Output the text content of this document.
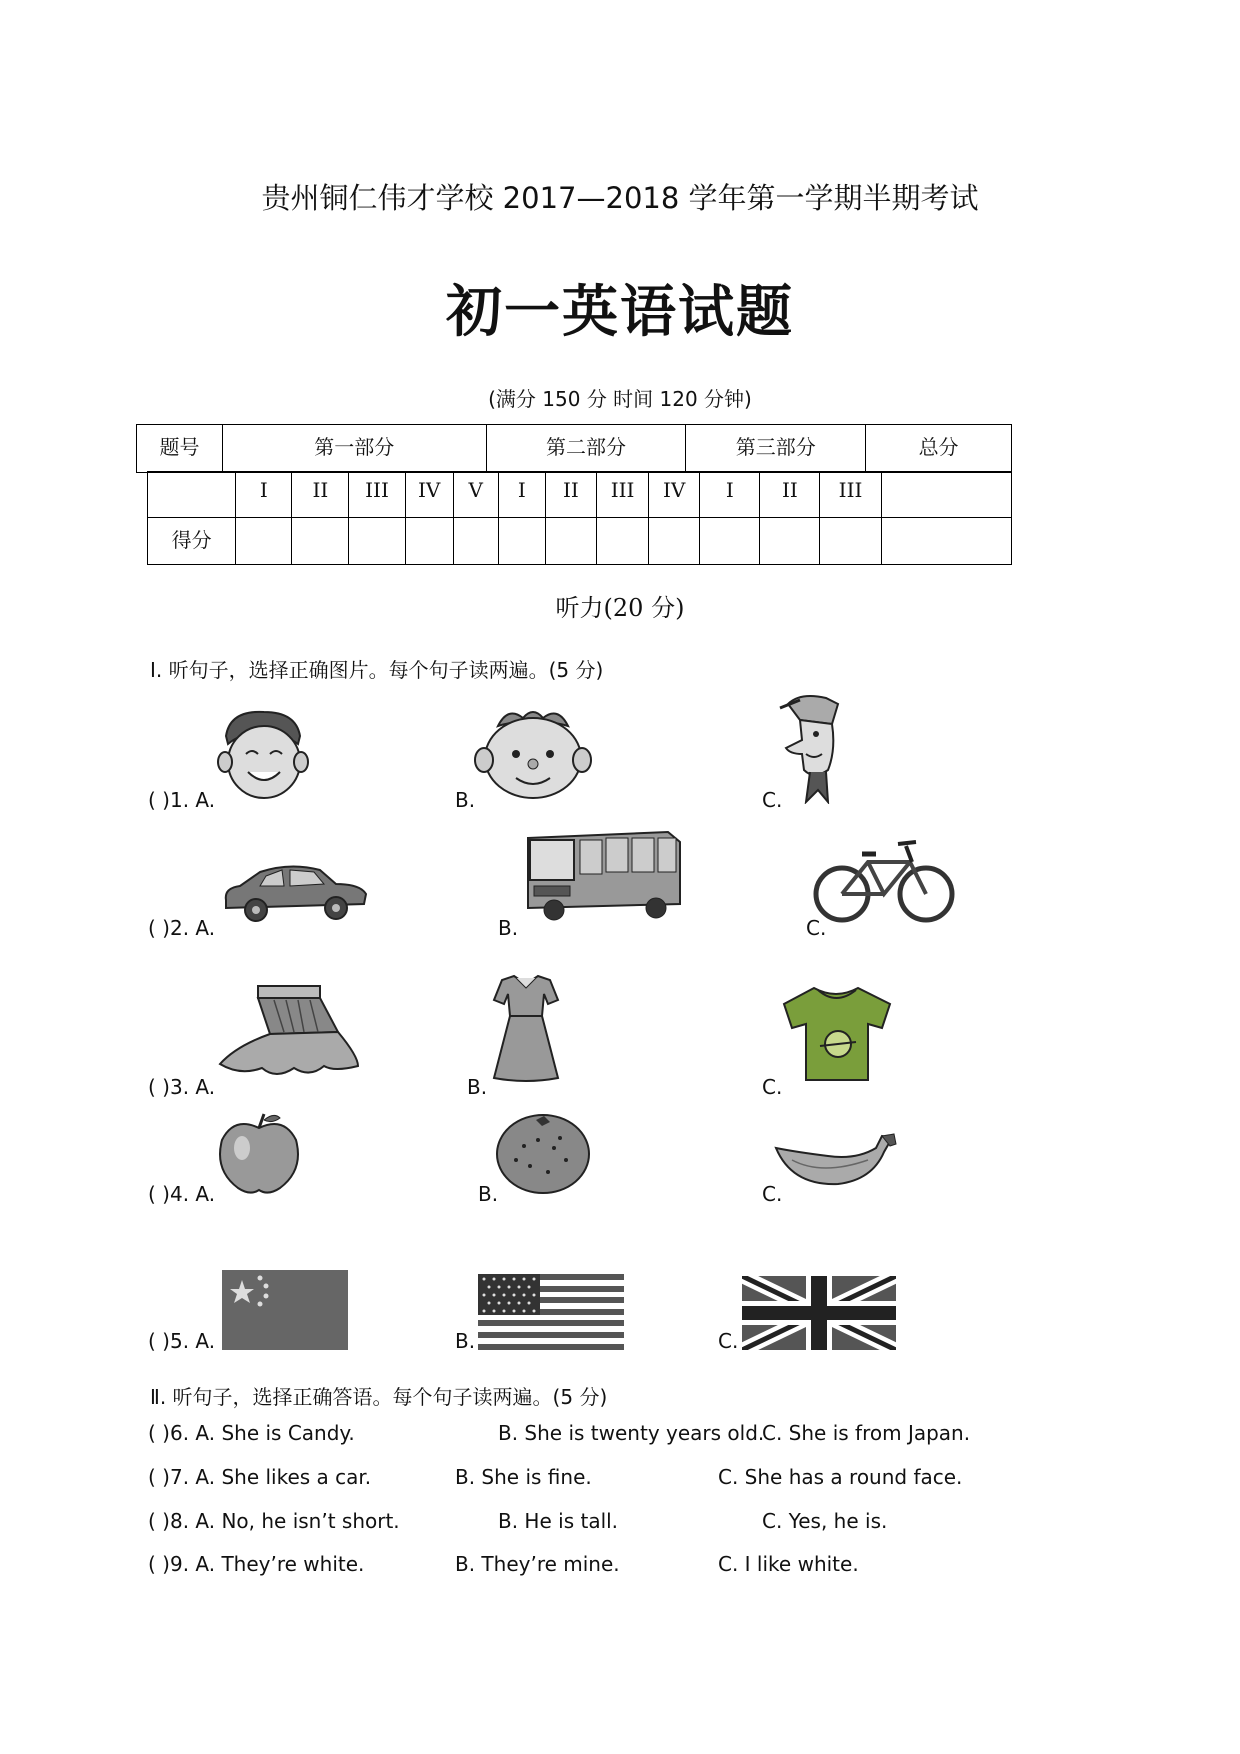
贵州铜仁伟才学校 2017—2018 学年第一学期半期考试
初一英语试题
(满分 150 分 时间 120 分钟)
题号	第一部分	第二部分	第三部分	总分
	I	II	III	IV	V	I	II	III	IV	I	II	III	
得分													
听力(20 分)
Ⅰ. 听句子，选择正确图片。每个句子读两遍。(5 分)
( )1. A.	B.	C.
( )2. A.	B.	C.
( )3. A.	B.	C.
( )4. A.	B.	C.
( )5. A.	B.	C.
Ⅱ. 听句子，选择正确答语。每个句子读两遍。(5 分)
( )6. A. She is Candy.	B. She is twenty years old.
C. She is from Japan.
( )7. A. She likes a car.	B. She is fine.	C. She has a round face.
( )8. A. No, he isn’t short.	B. He is tall.	C. Yes, he is.
( )9. A. They’re white.	B. They’re mine.	C. I like white.
